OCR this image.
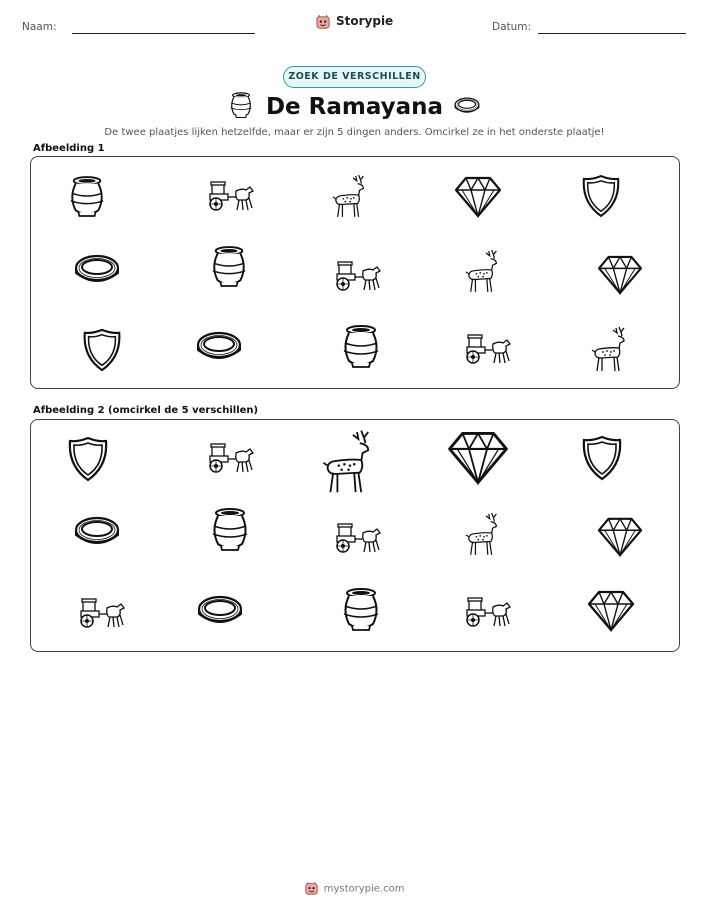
Naam:	Storypie	Datum:
ZOEK DE VERSCHILLEN
De Ramayana
De twee plaatjes lijken hetzelfde, maar er zijn 5 dingen anders. Omcirkel ze in het onderste plaatje!
Afbeelding 1
Afbeelding 2 (omcirkel de 5 verschillen)
mystorypie.com
